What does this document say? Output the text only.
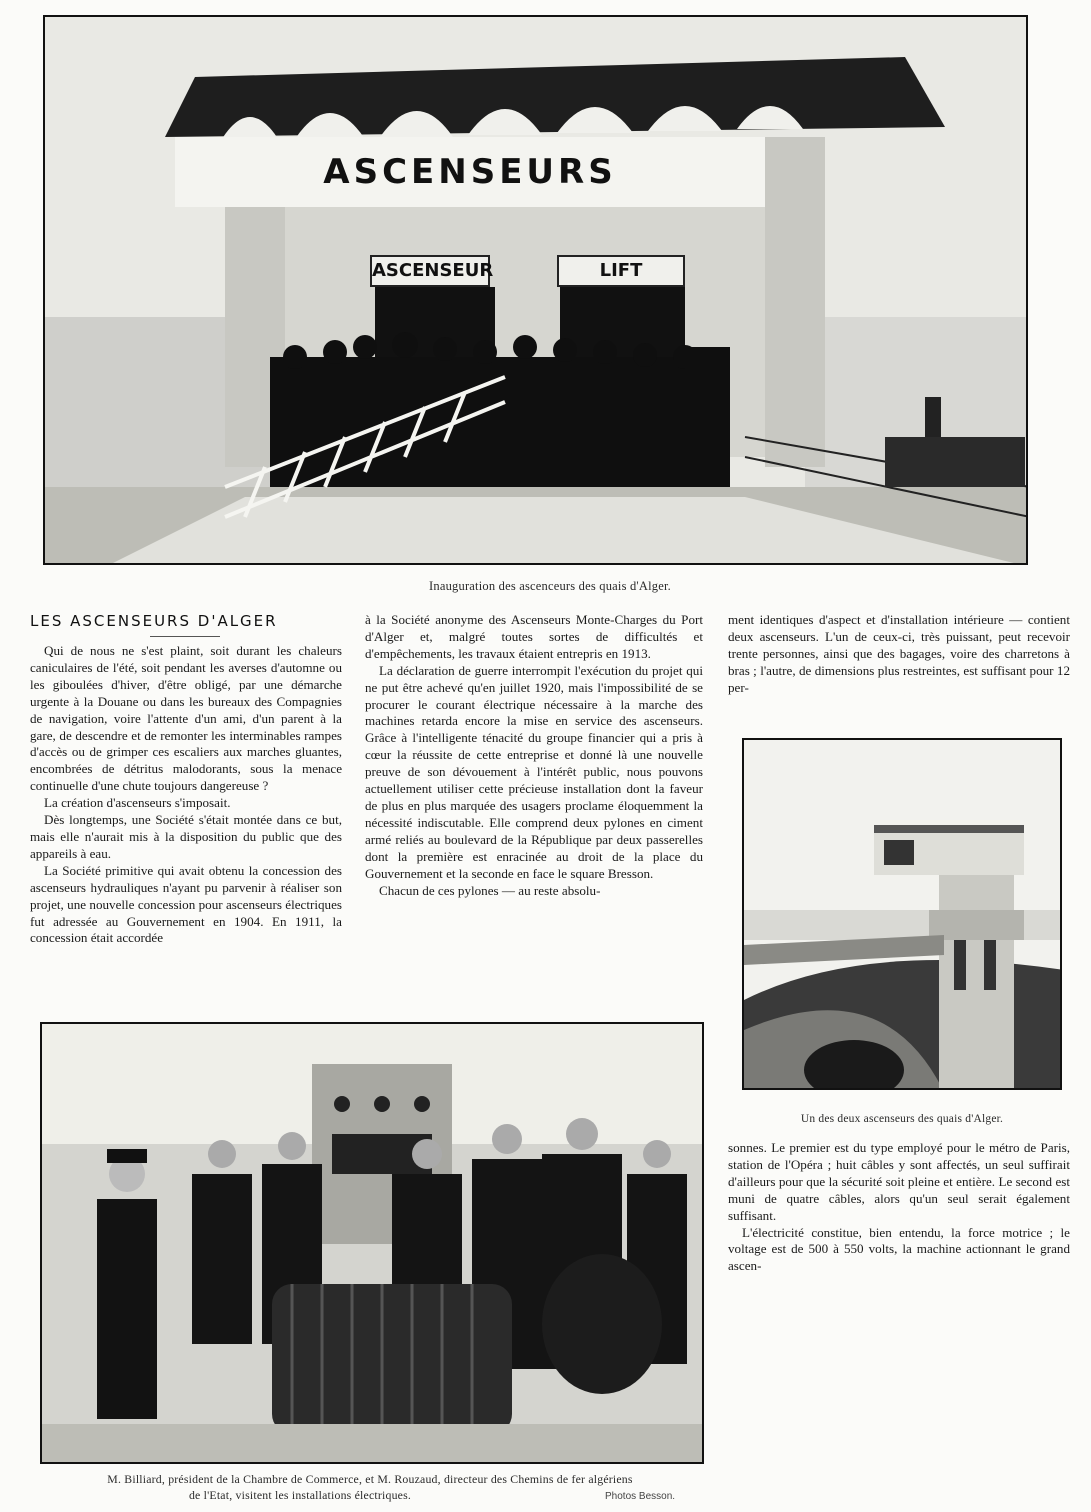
ASCENSEURS
ASCENSEUR	LIFT
Inauguration des ascenceurs des quais d'Alger.
LES ASCENSEURS D'ALGER

Qui de nous ne s'est plaint, soit durant les chaleurs caniculaires de l'été, soit pendant les averses d'automne ou les giboulées d'hiver, d'être obligé, par une démarche urgente à la Douane ou dans les bureaux des Compagnies de navigation, voire l'attente d'un ami, d'un parent à la gare, de descendre et de remonter les interminables rampes d'accès ou de grimper ces escaliers aux marches gluantes, encombrées de détritus malodorants, sous la menace continuelle d'une chute toujours dangereuse ?

La création d'ascenseurs s'imposait.

Dès longtemps, une Société s'était montée dans ce but, mais elle n'aurait mis à la disposition du public que des appareils à eau.

La Société primitive qui avait obtenu la concession des ascenseurs hydrauliques n'ayant pu parvenir à réaliser son projet, une nouvelle concession pour ascenseurs électriques fut adressée au Gouvernement en 1904. En 1911, la concession était accordée

à la Société anonyme des Ascenseurs Monte-Charges du Port d'Alger et, malgré toutes sortes de difficultés et d'empêchements, les travaux étaient entrepris en 1913.

La déclaration de guerre interrompit l'exécution du projet qui ne put être achevé qu'en juillet 1920, mais l'impossibilité de se procurer le courant électrique nécessaire à la marche des machines retarda encore la mise en service des ascenseurs. Grâce à l'intelligente ténacité du groupe financier qui a pris à cœur la réussite de cette entreprise et donné là une nouvelle preuve de son dévouement à l'intérêt public, nous pouvons actuellement utiliser cette précieuse installation dont la faveur de plus en plus marquée des usagers proclame éloquemment la nécessité indiscutable. Elle comprend deux pylones en ciment armé reliés au boulevard de la République par deux passerelles dont la première est enracinée au droit de la place du Gouvernement et la seconde en face le square Bresson.

Chacun de ces pylones — au reste absolu-

ment identiques d'aspect et d'installation intérieure — contient deux ascenseurs. L'un de ceux-ci, très puissant, peut recevoir trente personnes, ainsi que des bagages, voire des charretons à bras ; l'autre, de dimensions plus restreintes, est suffisant pour 12 per-

Un des deux ascenseurs des quais d'Alger.

sonnes. Le premier est du type employé pour le métro de Paris, station de l'Opéra ; huit câbles y sont affectés, un seul suffirait d'ailleurs pour que la sécurité soit pleine et entière. Le second est muni de quatre câbles, alors qu'un seul serait également suffisant.

L'électricité constitue, bien entendu, la force motrice ; le voltage est de 500 à 550 volts, la machine actionnant le grand ascen-

M. Billiard, président de la Chambre de Commerce, et M. Rouzaud, directeur des Chemins de fer algériens
de l'Etat, visitent les installations électriques.	Photos Besson.
